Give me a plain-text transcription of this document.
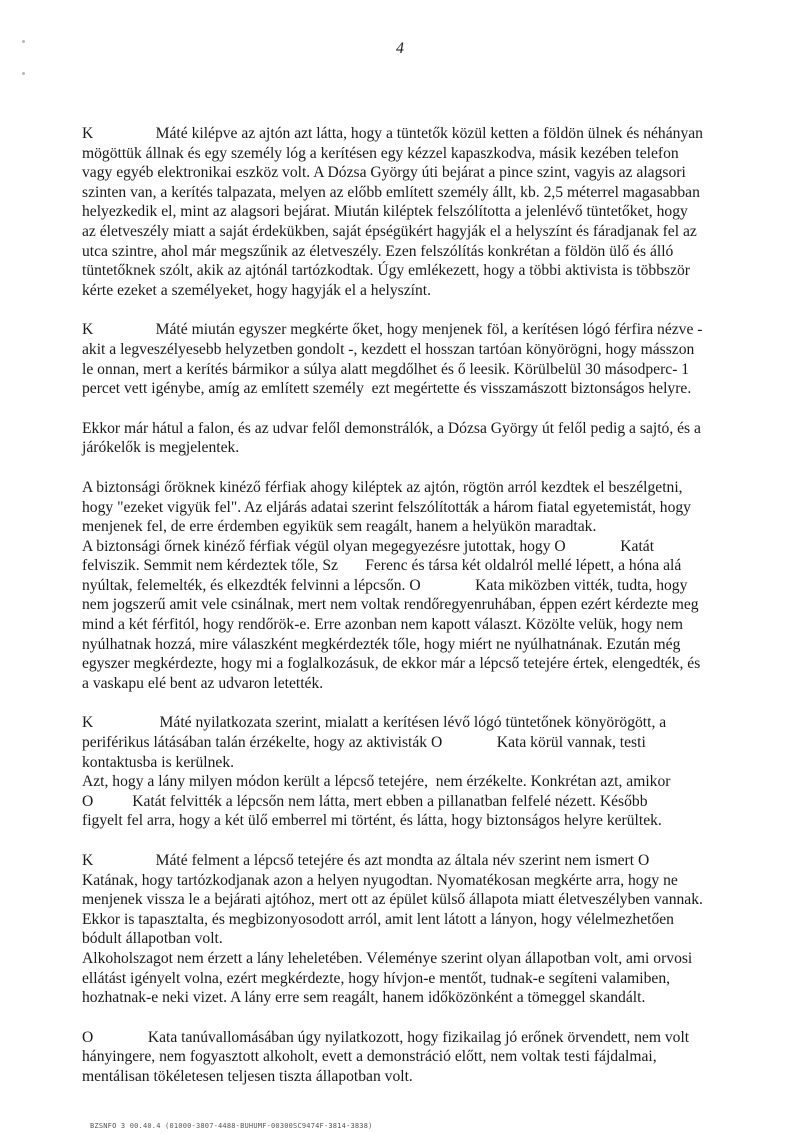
4
K                Máté kilépve az ajtón azt látta, hogy a tüntetők közül ketten a földön ülnek és néhányan
mögöttük állnak és egy személy lóg a kerítésen egy kézzel kapaszkodva, másik kezében telefon
vagy egyéb elektronikai eszköz volt. A Dózsa György úti bejárat a pince szint, vagyis az alagsori
szinten van, a kerítés talpazata, melyen az előbb említett személy állt, kb. 2,5 méterrel magasabban
helyezkedik el, mint az alagsori bejárat. Miután kiléptek felszólította a jelenlévő tüntetőket, hogy
az életveszély miatt a saját érdekükben, saját épségükért hagyják el a helyszínt és fáradjanak fel az
utca szintre, ahol már megszűnik az életveszély. Ezen felszólítás konkrétan a földön ülő és álló
tüntetőknek szólt, akik az ajtónál tartózkodtak. Úgy emlékezett, hogy a többi aktivista is többször
kérte ezeket a személyeket, hogy hagyják el a helyszínt.
K                Máté miután egyszer megkérte őket, hogy menjenek föl, a kerítésen lógó férfira nézve -
akit a legveszélyesebb helyzetben gondolt -, kezdett el hosszan tartóan könyörögni, hogy másszon
le onnan, mert a kerítés bármikor a súlya alatt megdőlhet és ő leesik. Körülbelül 30 másodperc- 1
percet vett igénybe, amíg az említett személy  ezt megértette és visszamászott biztonságos helyre.
Ekkor már hátul a falon, és az udvar felől demonstrálók, a Dózsa György út felől pedig a sajtó, és a
járókelők is megjelentek.
A biztonsági őröknek kinéző férfiak ahogy kiléptek az ajtón, rögtön arról kezdtek el beszélgetni,
hogy "ezeket vigyük fel". Az eljárás adatai szerint felszólították a három fiatal egyetemistát, hogy
menjenek fel, de erre érdemben egyikük sem reagált, hanem a helyükön maradtak.
A biztonsági őrnek kinéző férfiak végül olyan megegyezésre jutottak, hogy O              Katát
felviszik. Semmit nem kérdeztek tőle, Sz       Ferenc és társa két oldalról mellé lépett, a hóna alá
nyúltak, felemelték, és elkezdték felvinni a lépcsőn. O              Kata miközben vitték, tudta, hogy
nem jogszerű amit vele csinálnak, mert nem voltak rendőregyenruhában, éppen ezért kérdezte meg
mind a két férfitól, hogy rendőrök-e. Erre azonban nem kapott választ. Közölte velük, hogy nem
nyúlhatnak hozzá, mire válaszként megkérdezték tőle, hogy miért ne nyúlhatnának. Ezután még
egyszer megkérdezte, hogy mi a foglalkozásuk, de ekkor már a lépcső tetejére értek, elengedték, és
a vaskapu elé bent az udvaron letették.
K                 Máté nyilatkozata szerint, mialatt a kerítésen lévő lógó tüntetőnek könyörögött, a
periférikus látásában talán érzékelte, hogy az aktivisták O              Kata körül vannak, testi
kontaktusba is kerülnek.
Azt, hogy a lány milyen módon került a lépcső tetejére,  nem érzékelte. Konkrétan azt, amikor
O          Katát felvitték a lépcsőn nem látta, mert ebben a pillanatban felfelé nézett. Később
figyelt fel arra, hogy a két ülő emberrel mi történt, és látta, hogy biztonságos helyre kerültek.
K                Máté felment a lépcső tetejére és azt mondta az általa név szerint nem ismert O
Katának, hogy tartózkodjanak azon a helyen nyugodtan. Nyomatékosan megkérte arra, hogy ne
menjenek vissza le a bejárati ajtóhoz, mert ott az épület külső állapota miatt életveszélyben vannak.
Ekkor is tapasztalta, és megbizonyosodott arról, amit lent látott a lányon, hogy vélelmezhetően
bódult állapotban volt.
Alkoholszagot nem érzett a lány leheletében. Véleménye szerint olyan állapotban volt, ami orvosi
ellátást igényelt volna, ezért megkérdezte, hogy hívjon-e mentőt, tudnak-e segíteni valamiben,
hozhatnak-e neki vizet. A lány erre sem reagált, hanem időközönként a tömeggel skandált.
O              Kata tanúvallomásában úgy nyilatkozott, hogy fizikailag jó erőnek örvendett, nem volt
hányingere, nem fogyasztott alkoholt, evett a demonstráció előtt, nem voltak testi fájdalmai,
mentálisan tökéletesen teljesen tiszta állapotban volt.
BZSNFO 3 00.40.4 (01000-3807-4488-BUHUMF-00300SC9474F-3814-3838)
